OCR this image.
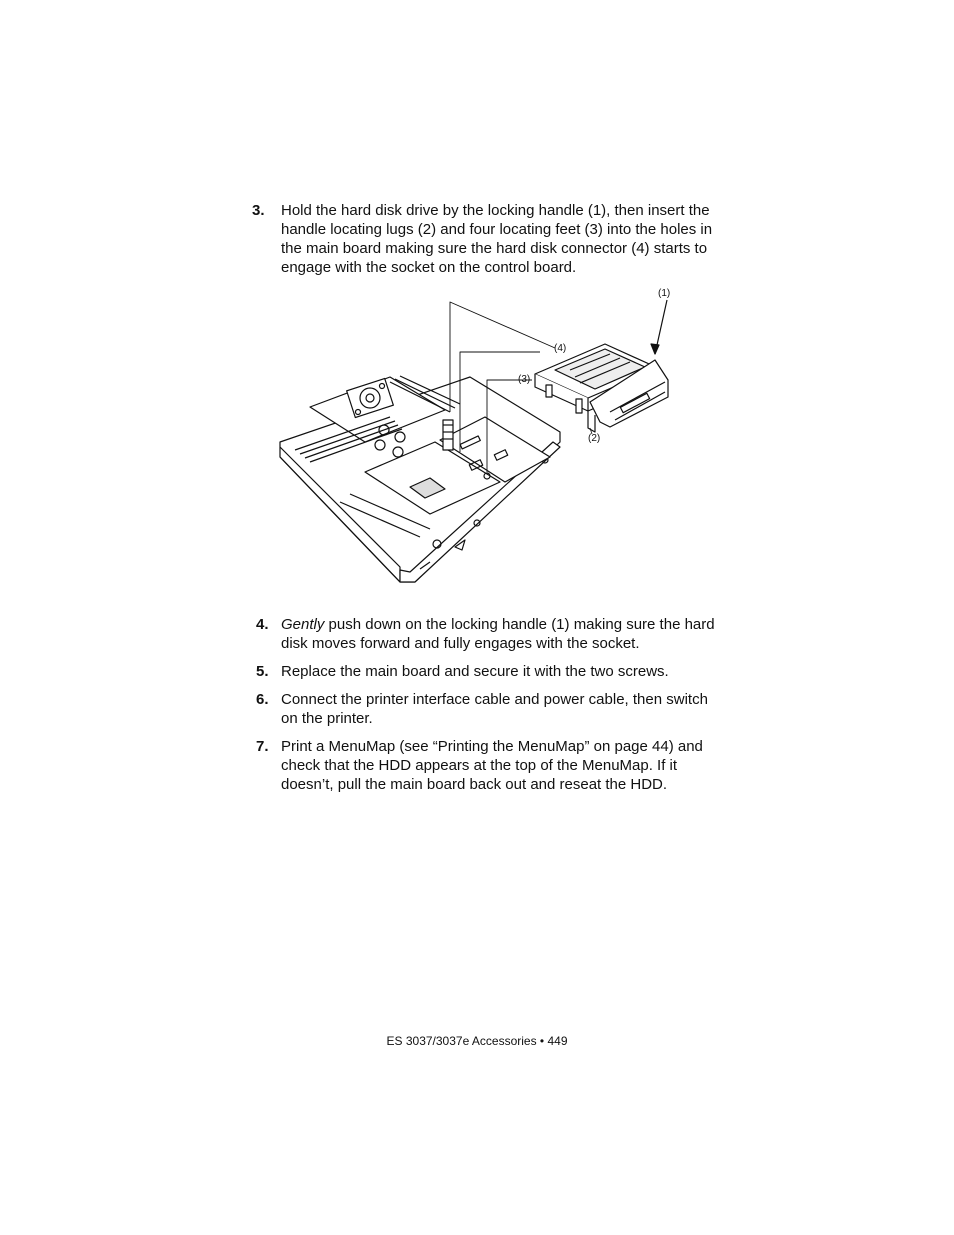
3. Hold the hard disk drive by the locking handle (1), then insert the handle locating lugs (2) and four locating feet (3) into the holes in the main board making sure the hard disk connector (4) starts to engage with the socket on the control board.
(1)
(2)
(3)
(4)
4. Gently push down on the locking handle (1) making sure the hard disk moves forward and fully engages with the socket.
5. Replace the main board and secure it with the two screws.
6. Connect the printer interface cable and power cable, then switch on the printer.
7. Print a MenuMap (see “Printing the MenuMap” on page 44) and check that the HDD appears at the top of the MenuMap. If it doesn’t, pull the main board back out and reseat the HDD.
ES 3037/3037e Accessories • 449
